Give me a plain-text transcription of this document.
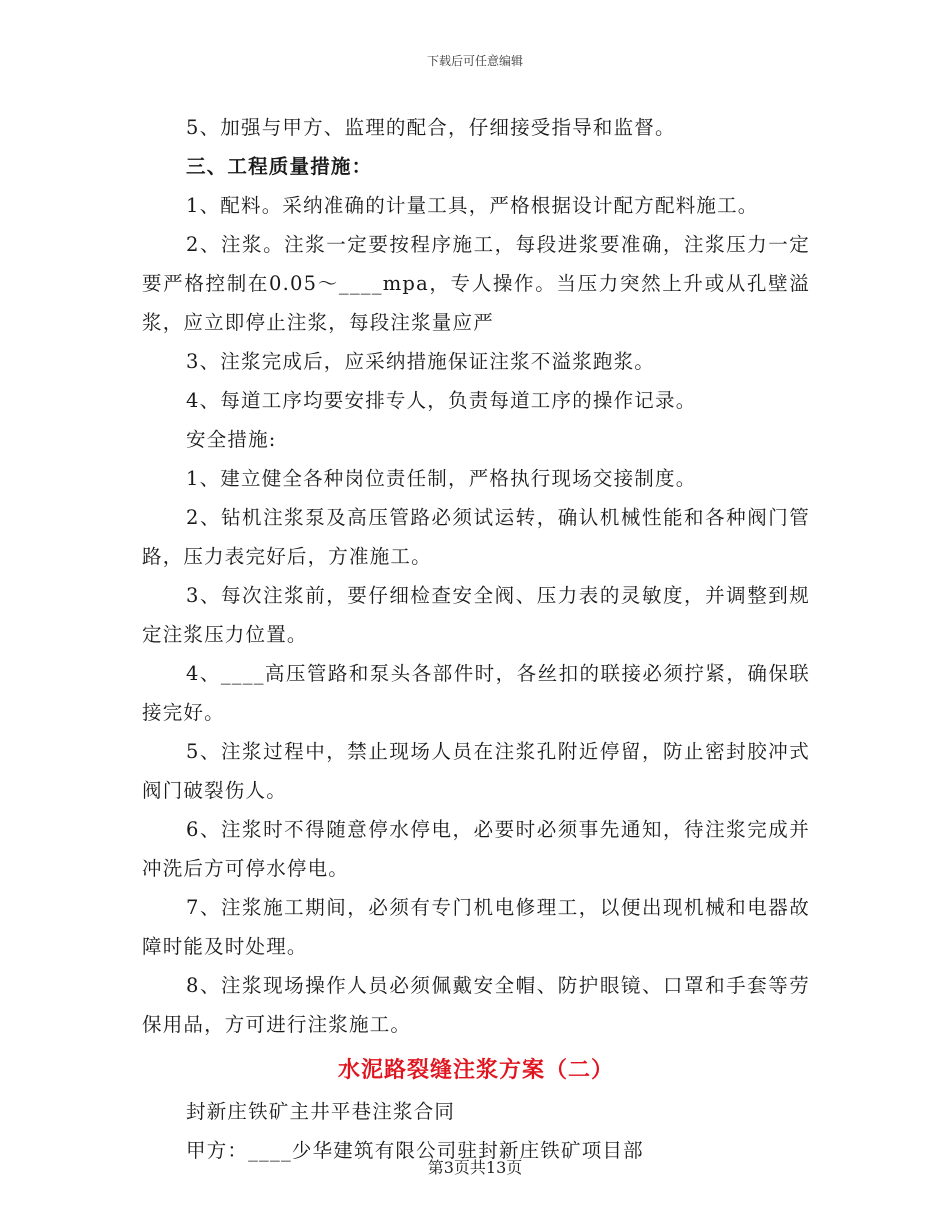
下载后可任意编辑

5、加强与甲方、监理的配合，仔细接受指导和监督。

三、工程质量措施：

1、配料。采纳准确的计量工具，严格根据设计配方配料施工。

2、注浆。注浆一定要按程序施工，每段进浆要准确，注浆压力一定要严格控制在0.05～____mpa，专人操作。当压力突然上升或从孔壁溢浆，应立即停止注浆，每段注浆量应严

3、注浆完成后，应采纳措施保证注浆不溢浆跑浆。

4、每道工序均要安排专人，负责每道工序的操作记录。

安全措施:

1、建立健全各种岗位责任制，严格执行现场交接制度。

2、钻机注浆泵及高压管路必须试运转，确认机械性能和各种阀门管路，压力表完好后，方准施工。

3、每次注浆前，要仔细检查安全阀、压力表的灵敏度，并调整到规定注浆压力位置。

4、____高压管路和泵头各部件时，各丝扣的联接必须拧紧，确保联接完好。

5、注浆过程中，禁止现场人员在注浆孔附近停留，防止密封胶冲式阀门破裂伤人。

6、注浆时不得随意停水停电，必要时必须事先通知，待注浆完成并冲洗后方可停水停电。

7、注浆施工期间，必须有专门机电修理工，以便出现机械和电器故障时能及时处理。

8、注浆现场操作人员必须佩戴安全帽、防护眼镜、口罩和手套等劳保用品，方可进行注浆施工。

水泥路裂缝注浆方案（二）

封新庄铁矿主井平巷注浆合同

甲方：____少华建筑有限公司驻封新庄铁矿项目部

第3页共13页
